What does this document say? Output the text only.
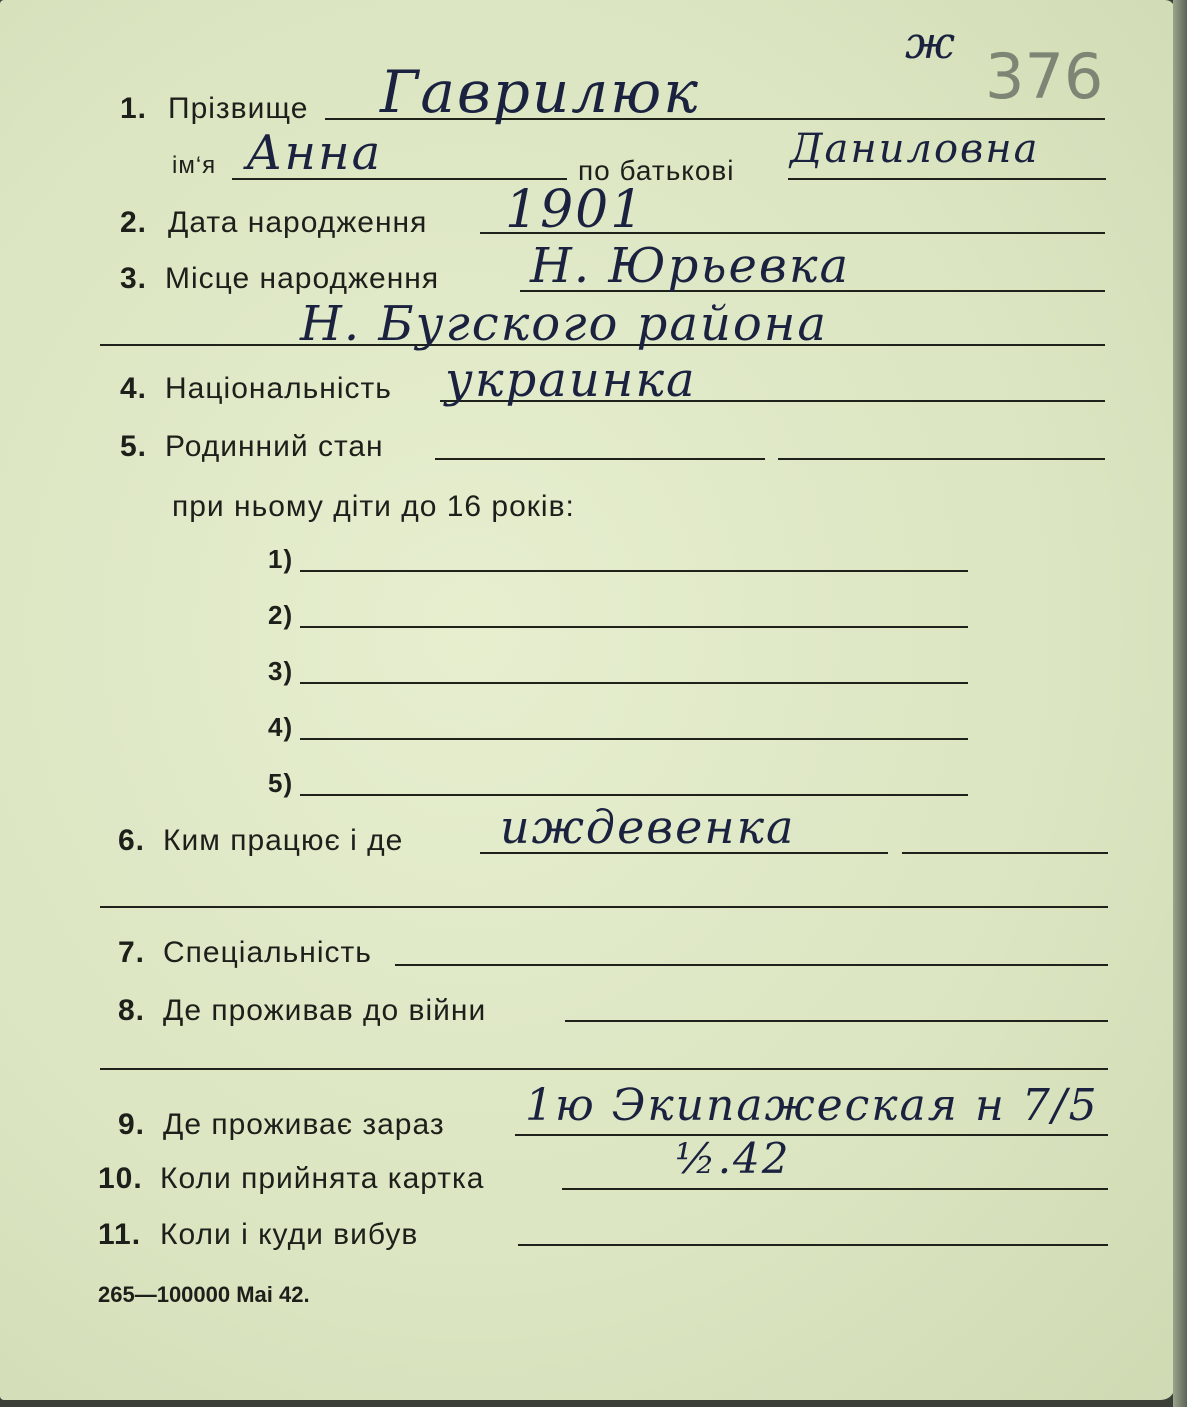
ж 376
1. Прізвище Гаврилюк
ім‘я Анна	по батькові Даниловна
2. Дата народження 1901
3. Місце народження Н. Юрьевка
Н. Бугского района
4. Національність украинка
5. Родинний стан
при ньому діти до 16 років:
1)
2)
3)
4)
5)
6. Ким працює і де иждевенка
7. Спеціальність
8. Де проживав до війни
9. Де проживає зараз 1ю Экипажеская н 7/5
10. Коли прийнята картка	½.42
11. Коли і куди вибув
265—100000 Mai 42.
